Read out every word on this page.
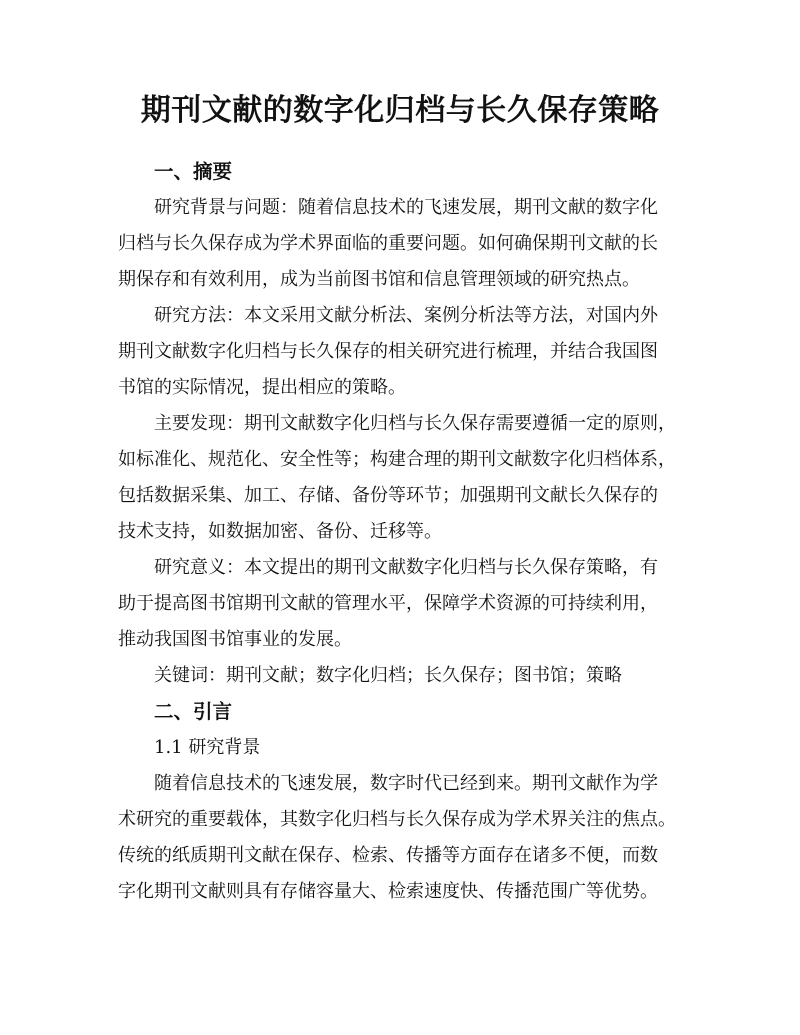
期刊文献的数字化归档与长久保存策略
一、摘要

研究背景与问题：随着信息技术的飞速发展，期刊文献的数字化
归档与长久保存成为学术界面临的重要问题。如何确保期刊文献的长
期保存和有效利用，成为当前图书馆和信息管理领域的研究热点。

研究方法：本文采用文献分析法、案例分析法等方法，对国内外
期刊文献数字化归档与长久保存的相关研究进行梳理，并结合我国图
书馆的实际情况，提出相应的策略。

主要发现：期刊文献数字化归档与长久保存需要遵循一定的原则，
如标准化、规范化、安全性等；构建合理的期刊文献数字化归档体系，
包括数据采集、加工、存储、备份等环节；加强期刊文献长久保存的
技术支持，如数据加密、备份、迁移等。

研究意义：本文提出的期刊文献数字化归档与长久保存策略，有
助于提高图书馆期刊文献的管理水平，保障学术资源的可持续利用，
推动我国图书馆事业的发展。

关键词：期刊文献；数字化归档；长久保存；图书馆；策略

二、引言

1.1 研究背景

随着信息技术的飞速发展，数字时代已经到来。期刊文献作为学
术研究的重要载体，其数字化归档与长久保存成为学术界关注的焦点。
传统的纸质期刊文献在保存、检索、传播等方面存在诸多不便，而数
字化期刊文献则具有存储容量大、检索速度快、传播范围广等优势。
